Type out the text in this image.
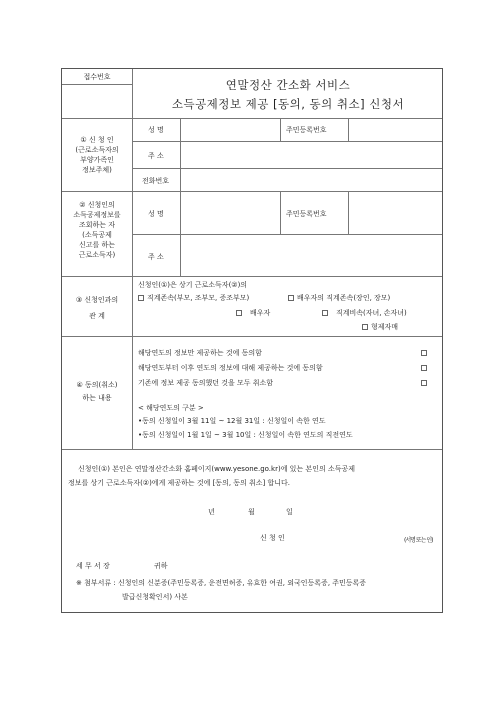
접수번호
연말정산 간소화 서비스
소득공제정보 제공 [동의, 동의 취소] 신청서
① 신 청 인
(근로소득자의
부양가족인
정보주체)
성 명	주민등록번호
주 소
전화번호
② 신청인의
소득공제정보를
조회하는 자
(소득공제
신고를 하는
근로소득자)
성 명	주민등록번호
주 소
③ 신청인과의
관 계
신청인(①)은 상기 근로소득자(②)의
직계존속(부모, 조부모, 증조부모)	배우자의 직계존속(장인, 장모)
배우자	직계비속(자녀, 손자녀)
형제자매
④ 동의(취소)
하는 내용
해당연도의 정보만 제공하는 것에 동의함
해당연도부터 이후 연도의 정보에 대해 제공하는 것에 동의함
기존에 정보 제공 동의했던 것을 모두 취소함
< 해당연도의 구분 >
•동의 신청일이 3월 11일 ~ 12월 31일 : 신청일이 속한 연도
•동의 신청일이 1월 1일 ~ 3월 10일 : 신청일이 속한 연도의 직전연도
신청인(①) 본인은 연말정산간소화 홈페이지(www.yesone.go.kr)에 있는 본인의 소득공제
정보를 상기 근로소득자(②)에게 제공하는 것에 [동의, 동의 취소] 합니다.
년	월	일
신 청 인	(서명 또는 인)
세 무 서 장	귀하
※ 첨부서류 : 신청인의 신분증(주민등록증, 운전면허증, 유효한 여권, 외국인등록증, 주민등록증
발급신청확인서) 사본
